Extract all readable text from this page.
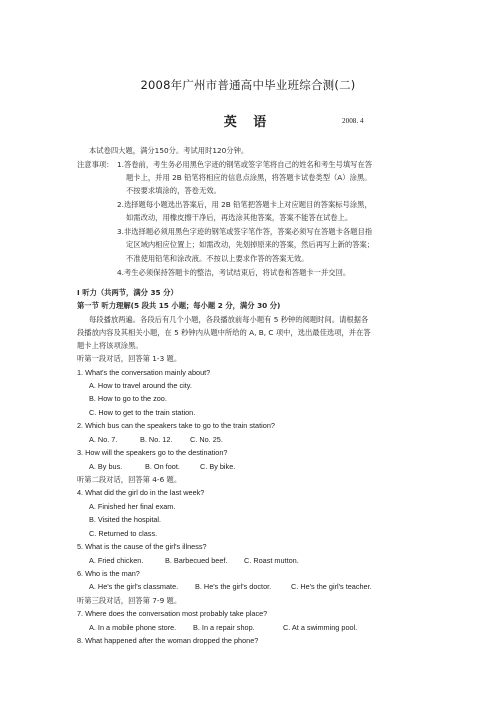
2008年广州市普通高中毕业班综合测(二)
英 语	2008. 4
本试卷四大题，满分150分。考试用时120分钟。
注意事项： 1.答卷前，考生务必用黑色字迹的钢笔或签字笔将自己的姓名和考生号填写在答
题卡上，并用 2B 铅笔将相应的信息点涂黑，将答题卡试卷类型（A）涂黑。
不按要求填涂的，答卷无效。
2.选择题每小题选出答案后，用 2B 铅笔把答题卡上对应题目的答案标号涂黑，
如需改动，用橡皮擦干净后，再选涂其他答案，答案不能答在试卷上。
3.非选择题必须用黑色字迹的钢笔或签字笔作答，答案必须写在答题卡各题目指
定区域内相应位置上；如需改动，先划掉原来的答案，然后再写上新的答案；
不准使用铅笔和涂改液。不按以上要求作答的答案无效。
4.考生必须保持答题卡的整洁，考试结束后，将试卷和答题卡一并交回。
I 听力（共两节，满分 35 分）
第一节 听力理解(5 段共 15 小题；每小题 2 分，满分 30 分)
每段播放两遍。各段后有几个小题，各段播放前每小题有 5 秒钟的阅题时间。请根据各
段播放内容及其相关小题，在 5 秒钟内从题中所给的 A, B, C 项中，选出最佳选项，并在答
题卡上将该项涂黑。
听第一段对话，回答第 1-3 题。
1. What's the conversation mainly about?
A. How to travel around the city.
B. How to go to the zoo.
C. How to get to the train station.
2. Which bus can the speakers take to go to the train station?
A. No. 7.	B. No. 12. C. No. 25.
3. How will the speakers go to the destination?
A. By bus.	B. On foot.	C. By bike.
听第二段对话，回答第 4-6 题。
4. What did the girl do in the last week?
A. Finished her final exam.
B. Visited the hospital.
C. Returned to class.
5. What is the cause of the girl's illness?
A. Fried chicken.	B. Barbecued beef. C. Roast mutton.
6. Who is the man?
A. He's the girl's classmate. B. He's the girl's doctor.	C. He's the girl's teacher.
听第三段对话，回答第 7-9 题。
7. Where does the conversation most probably take place?
A. In a mobile phone store. B. In a repair shop.	C. At a swimming pool.
8. What happened after the woman dropped the phone?
